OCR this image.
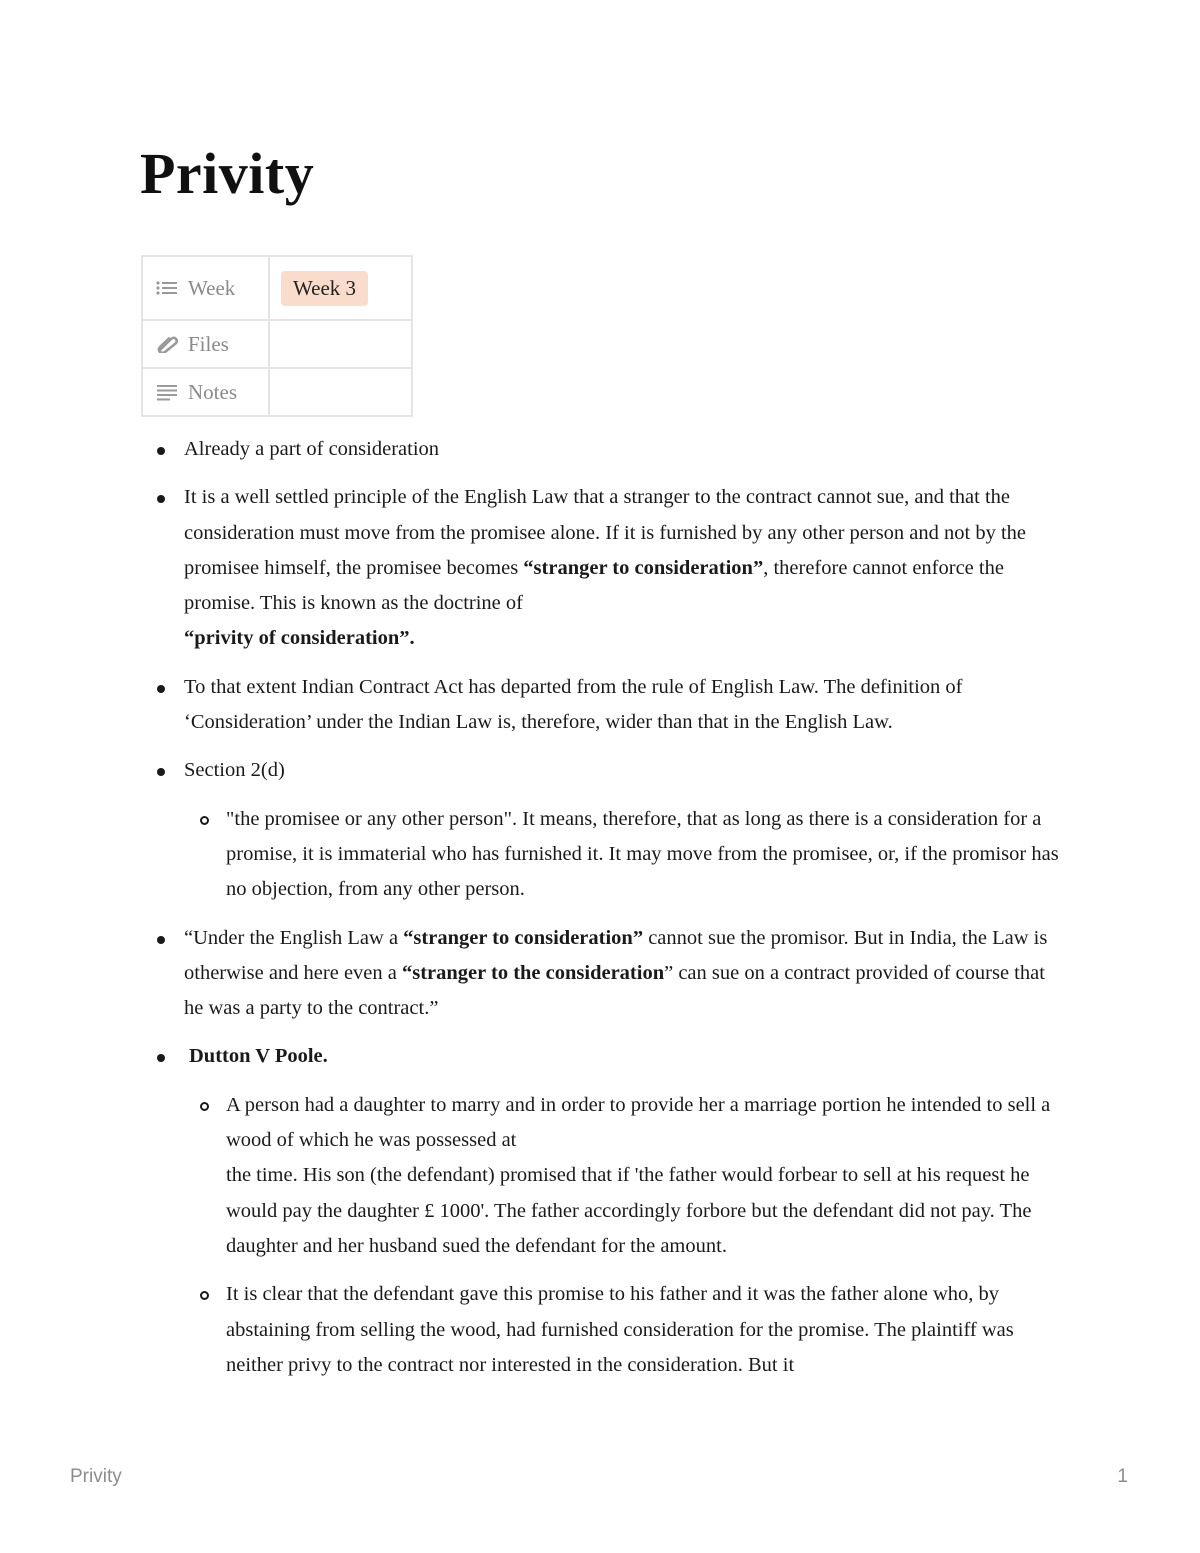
Privity
Week	Week 3
Files	
Notes	
Already a part of consideration
It is a well settled principle of the English Law that a stranger to the contract cannot sue, and that the consideration must move from the promisee alone. If it is furnished by any other person and not by the promisee himself, the promisee becomes “stranger to consideration”, therefore cannot enforce the promise. This is known as the doctrine of
“privity of consideration”.
To that extent Indian Contract Act has departed from the rule of English Law. The definition of ‘Consideration’ under the Indian Law is, therefore, wider than that in the English Law.
Section 2(d)
"the promisee or any other person". It means, therefore, that as long as there is a consideration for a promise, it is immaterial who has furnished it. It may move from the promisee, or, if the promisor has no objection, from any other person.
“Under the English Law a “stranger to consideration” cannot sue the promisor. But in India, the Law is otherwise and here even a “stranger to the consideration” can sue on a contract provided of course that he was a party to the contract.”
Dutton V Poole.
A person had a daughter to marry and in order to provide her a marriage portion he intended to sell a wood of which he was possessed at
the time. His son (the defendant) promised that if 'the father would forbear to sell at his request he would pay the daughter £ 1000'. The father accordingly forbore but the defendant did not pay. The daughter and her husband sued the defendant for the amount.
It is clear that the defendant gave this promise to his father and it was the father alone who, by abstaining from selling the wood, had furnished consideration for the promise. The plaintiff was neither privy to the contract nor interested in the consideration. But it
Privity	1
